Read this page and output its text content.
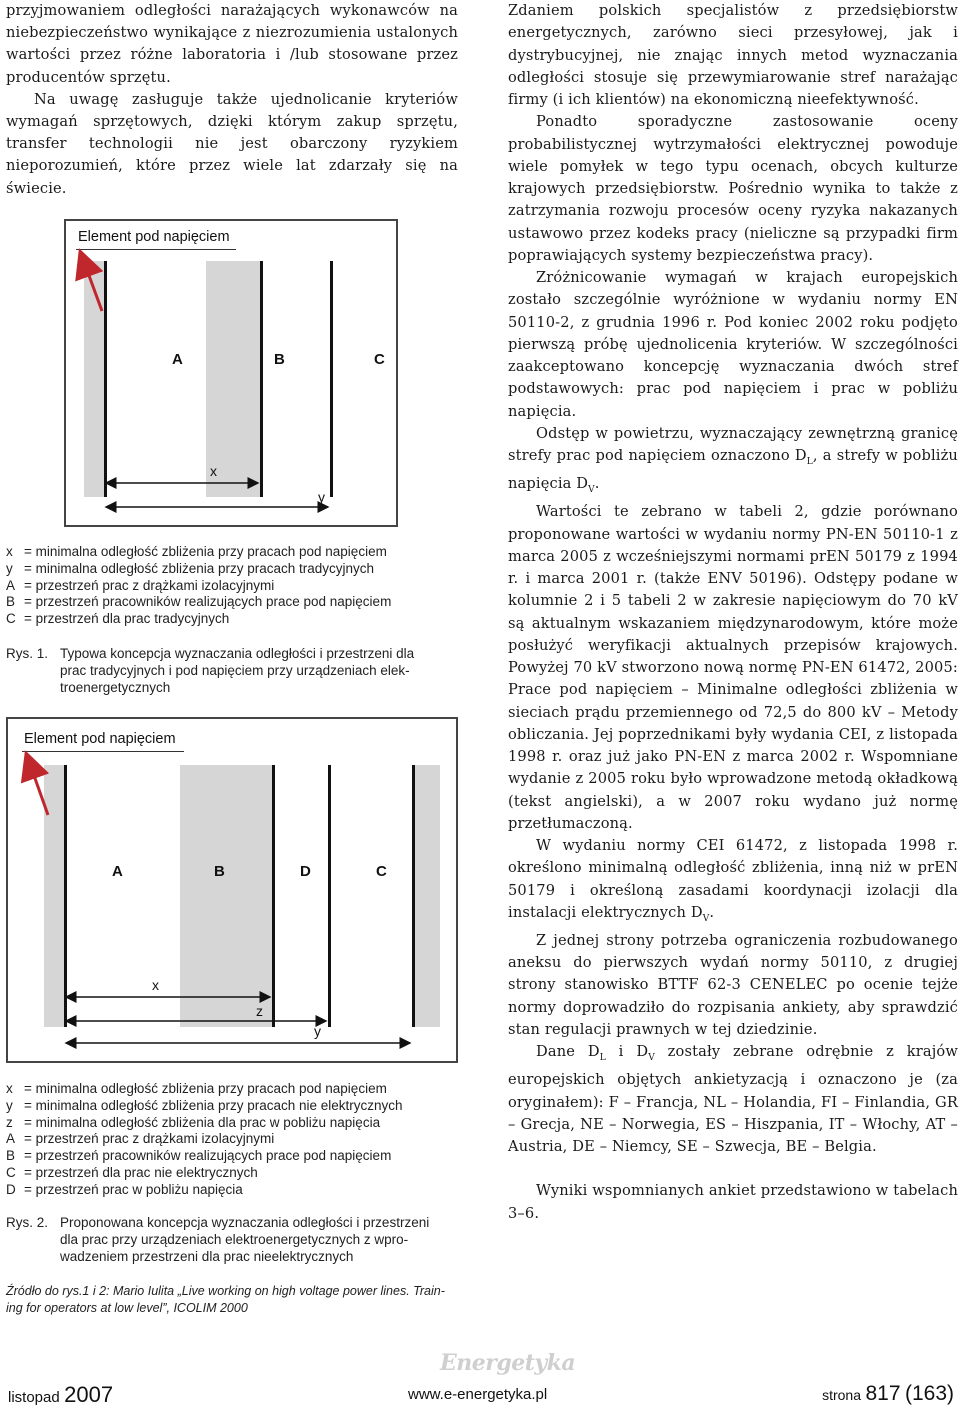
przyjmowaniem odległości narażających wykonawców na niebezpieczeństwo wynikające z niezrozumienia ustalonych wartości przez różne laboratoria i /lub stosowane przez producentów sprzętu.

Na uwagę zasługuje także ujednolicanie kryteriów wymagań sprzętowych, dzięki którym zakup sprzętu, transfer technologii nie jest obarczony ryzykiem nieporozumień, które przez wiele lat zdarzały się na świecie.

Element pod napięciem
A	B	C
x
y
x = minimalna odległość zbliżenia przy pracach pod napięciem
y = minimalna odległość zbliżenia przy pracach tradycyjnych
A = przestrzeń prac z drążkami izolacyjnymi
B = przestrzeń pracowników realizujących prace pod napięciem
C = przestrzeń dla prac tradycyjnych
Rys. 1. Typowa koncepcja wyznaczania odległości i przestrzeni dla
prac tradycyjnych i pod napięciem przy urządzeniach elek-
troenergetycznych
Element pod napięciem
A	B	D	C
x
z
y
x = minimalna odległość zbliżenia przy pracach pod napięciem
y = minimalna odległość zbliżenia przy pracach nie elektrycznych
z = minimalna odległość zbliżenia dla prac w pobliżu napięcia
A = przestrzeń prac z drążkami izolacyjnymi
B = przestrzeń pracowników realizujących prace pod napięciem
C = przestrzeń dla prac nie elektrycznych
D = przestrzeń prac w pobliżu napięcia
Rys. 2. Proponowana koncepcja wyznaczania odległości i przestrzeni
dla prac przy urządzeniach elektroenergetycznych z wpro-
wadzeniem przestrzeni dla prac nieelektrycznych
Źródło do rys.1 i 2: Mario Iulita „Live working on high voltage power lines. Train-
ing for operators at low level”, ICOLIM 2000

Zdaniem polskich specjalistów z przedsiębiorstw energetycznych, zarówno sieci przesyłowej, jak i dystrybucyjnej, nie znając innych metod wyznaczania odległości stosuje się przewymiarowanie stref narażając firmy (i ich klientów) na ekonomiczną nieefektywność.

Ponadto sporadyczne zastosowanie oceny probabilistycznej wytrzymałości elektrycznej powoduje wiele pomyłek w tego typu ocenach, obcych kulturze krajowych przedsiębiorstw. Pośrednio wynika to także z zatrzymania rozwoju procesów oceny ryzyka nakazanych ustawowo przez kodeks pracy (nieliczne są przypadki firm poprawiających systemy bezpieczeństwa pracy).

Zróżnicowanie wymagań w krajach europejskich zostało szczególnie wyróżnione w wydaniu normy EN 50110-2, z grudnia 1996 r. Pod koniec 2002 roku podjęto pierwszą próbę ujednolicenia kryteriów. W szczególności zaakceptowano koncepcję wyznaczania dwóch stref podstawowych: prac pod napięciem i prac w pobliżu napięcia.

Odstęp w powietrzu, wyznaczający zewnętrzną granicę strefy prac pod napięciem oznaczono $D_L$, a strefy w pobliżu napięcia $D_V$.

Wartości te zebrano w tabeli 2, gdzie porównano proponowane wartości w wydaniu normy PN-EN 50110-1 z marca 2005 z wcześniejszymi normami prEN 50179 z 1994 r. i marca 2001 r. (także ENV 50196). Odstępy podane w kolumnie 2 i 5 tabeli 2 w zakresie napięciowym do 70 kV są aktualnym wskazaniem międzynarodowym, które może posłużyć weryfikacji aktualnych przepisów krajowych. Powyżej 70 kV stworzono nową normę PN-EN 61472, 2005: Prace pod napięciem – Minimalne odległości zbliżenia w sieciach prądu przemiennego od 72,5 do 800 kV – Metody obliczania. Jej poprzednikami były wydania CEI, z listopada 1998 r. oraz już jako PN-EN z marca 2002 r. Wspomniane wydanie z 2005 roku było wprowadzone metodą okładkową (tekst angielski), a w 2007 roku wydano już normę przetłumaczoną.

W wydaniu normy CEI 61472, z listopada 1998 r. określono minimalną odległość zbliżenia, inną niż w prEN 50179 i określoną zasadami koordynacji izolacji dla instalacji elektrycznych $D_V$.

Z jednej strony potrzeba ograniczenia rozbudowanego aneksu do pierwszych wydań normy 50110, z drugiej strony stanowisko BTTF 62-3 CENELEC po ocenie tejże normy doprowadziło do rozpisania ankiety, aby sprawdzić stan regulacji prawnych w tej dziedzinie.

Dane $D_L$ i $D_V$ zostały zebrane odrębnie z krajów europejskich objętych ankietyzacją i oznaczono je (za oryginałem): F – Francja, NL – Holandia, FI – Finlandia, GR – Grecja, NE – Norwegia, ES – Hiszpania, IT – Włochy, AT – Austria, DE – Niemcy, SE – Szwecja, BE – Belgia.

Wyniki wspomnianych ankiet przedstawiono w tabelach 3–6.

Energetyka
listopad 2007	www.e-energetyka.pl	strona 817 (163)
